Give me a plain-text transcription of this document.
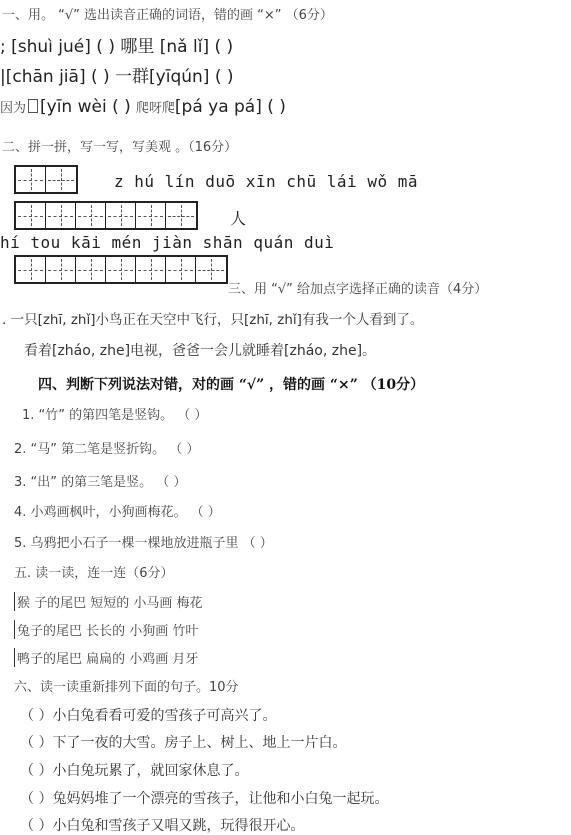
一、用。 “√” 选出读音正确的词语，错的画 “×” （6分）
; [shuì jué] ( ) 哪里 [nǎ lǐ] ( )
|[chān jiā] ( ) 一群[yīqún] ( )
因为 [yīn wèi ( ) 爬呀爬[pá ya pá] ( )
二、拼一拼，写一写，写美观 。（16分）
z hú lín duō xīn chū lái wǒ mā
人
hí tou kāi mén jiàn shān quán duì
三、用 “√” 给加点字选择正确的读音（4分）
. 一只[zhī, zhǐ]小鸟正在天空中飞行，只[zhī, zhǐ]有我一个人看到了。
看着[zháo, zhe]电视，爸爸一会儿就睡着[zháo, zhe]。
四、判断下列说法对错，对的画 “√” ，错的画 “×” （10分）
1. “竹” 的第四笔是竖钩。 （ ）
2. “马” 第二笔是竖折钩。 （ ）
3. “出” 的第三笔是竖。 （ ）
4. 小鸡画枫叶，小狗画梅花。 （ ）
5. 乌鸦把小石子一棵一棵地放进瓶子里 （ ）
五. 读一读，连一连（6分）
猴 子的尾巴 短短的 小马画 梅花
兔子的尾巴 长长的 小狗画 竹叶
鸭子的尾巴 扁扁的 小鸡画 月牙
六、读一读重新排列下面的句子。10分
（ ）小白兔看看可爱的雪孩子可高兴了。
（ ）下了一夜的大雪。房子上、树上、地上一片白。
（ ）小白兔玩累了，就回家休息了。
（ ）兔妈妈堆了一个漂亮的雪孩子，让他和小白兔一起玩。
（ ）小白兔和雪孩子又唱又跳，玩得很开心。
